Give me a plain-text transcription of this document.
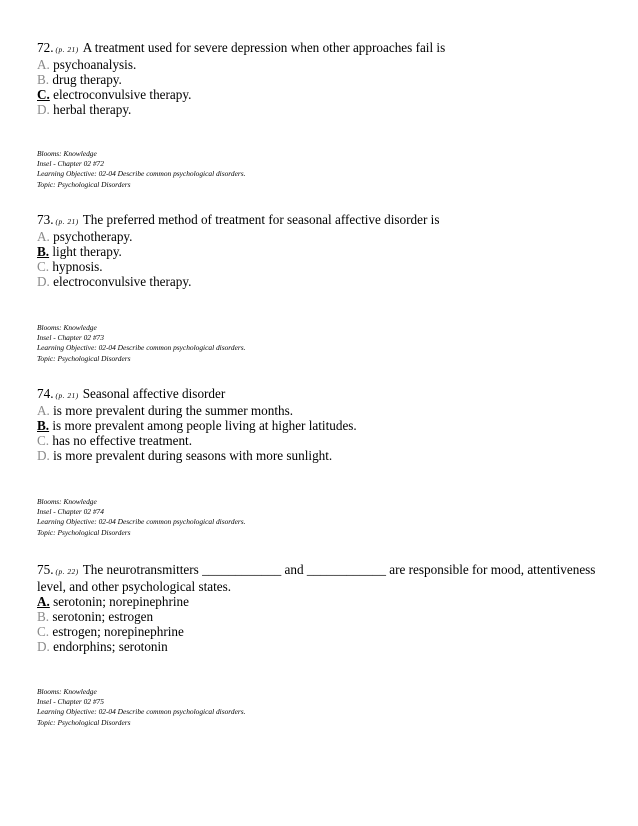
72. (p. 21) A treatment used for severe depression when other approaches fail is
A. psychoanalysis.
B. drug therapy.
C. electroconvulsive therapy.
D. herbal therapy.
Blooms: Knowledge
Insel - Chapter 02 #72
Learning Objective: 02-04 Describe common psychological disorders.
Topic: Psychological Disorders
73. (p. 21) The preferred method of treatment for seasonal affective disorder is
A. psychotherapy.
B. light therapy.
C. hypnosis.
D. electroconvulsive therapy.
Blooms: Knowledge
Insel - Chapter 02 #73
Learning Objective: 02-04 Describe common psychological disorders.
Topic: Psychological Disorders
74. (p. 21) Seasonal affective disorder
A. is more prevalent during the summer months.
B. is more prevalent among people living at higher latitudes.
C. has no effective treatment.
D. is more prevalent during seasons with more sunlight.
Blooms: Knowledge
Insel - Chapter 02 #74
Learning Objective: 02-04 Describe common psychological disorders.
Topic: Psychological Disorders
75. (p. 22) The neurotransmitters ____________ and ____________ are responsible for mood, attentiveness level, and other psychological states.
A. serotonin; norepinephrine
B. serotonin; estrogen
C. estrogen; norepinephrine
D. endorphins; serotonin
Blooms: Knowledge
Insel - Chapter 02 #75
Learning Objective: 02-04 Describe common psychological disorders.
Topic: Psychological Disorders
